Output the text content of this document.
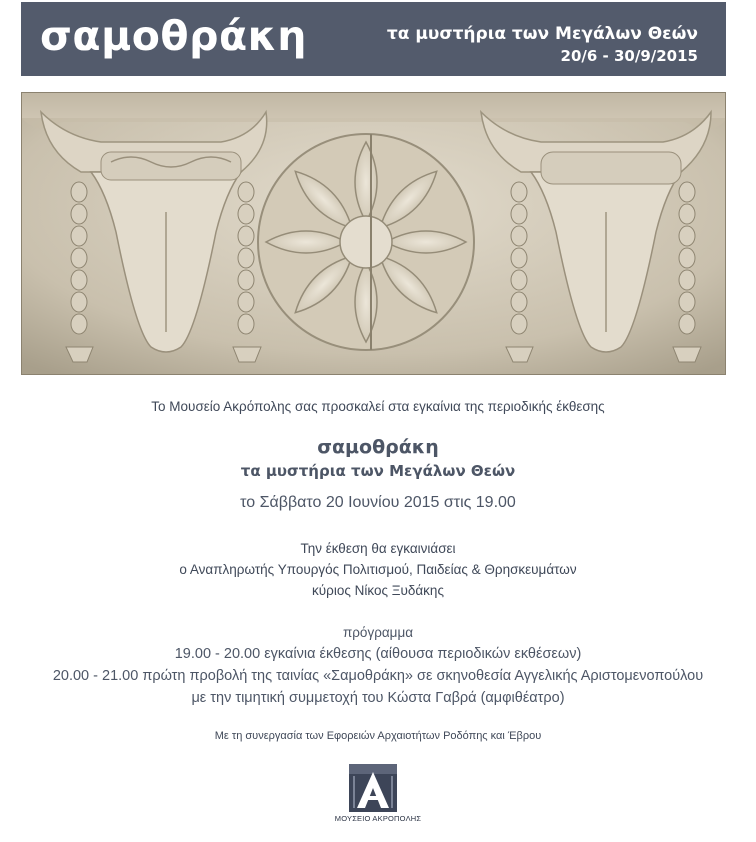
σαμοθράκη	τα μυστήρια των Μεγάλων Θεών
20/6 - 30/9/2015
Το Μουσείο Ακρόπολης σας προσκαλεί στα εγκαίνια της περιοδικής έκθεσης
σαμοθράκη
τα μυστήρια των Μεγάλων Θεών
το Σάββατο 20 Ιουνίου 2015 στις 19.00
Την έκθεση θα εγκαινιάσει
ο Αναπληρωτής Υπουργός Πολιτισμού, Παιδείας & Θρησκευμάτων
κύριος Νίκος Ξυδάκης
πρόγραμμα
19.00 - 20.00 εγκαίνια έκθεσης (αίθουσα περιοδικών εκθέσεων)
20.00 - 21.00 πρώτη προβολή της ταινίας «Σαμοθράκη» σε σκηνοθεσία Αγγελικής Αριστομενοπούλου
με την τιμητική συμμετοχή του Κώστα Γαβρά (αμφιθέατρο)
Με τη συνεργασία των Εφορειών Αρχαιοτήτων Ροδόπης και Έβρου
ΜΟΥΣΕΙΟ ΑΚΡΟΠΟΛΗΣ
